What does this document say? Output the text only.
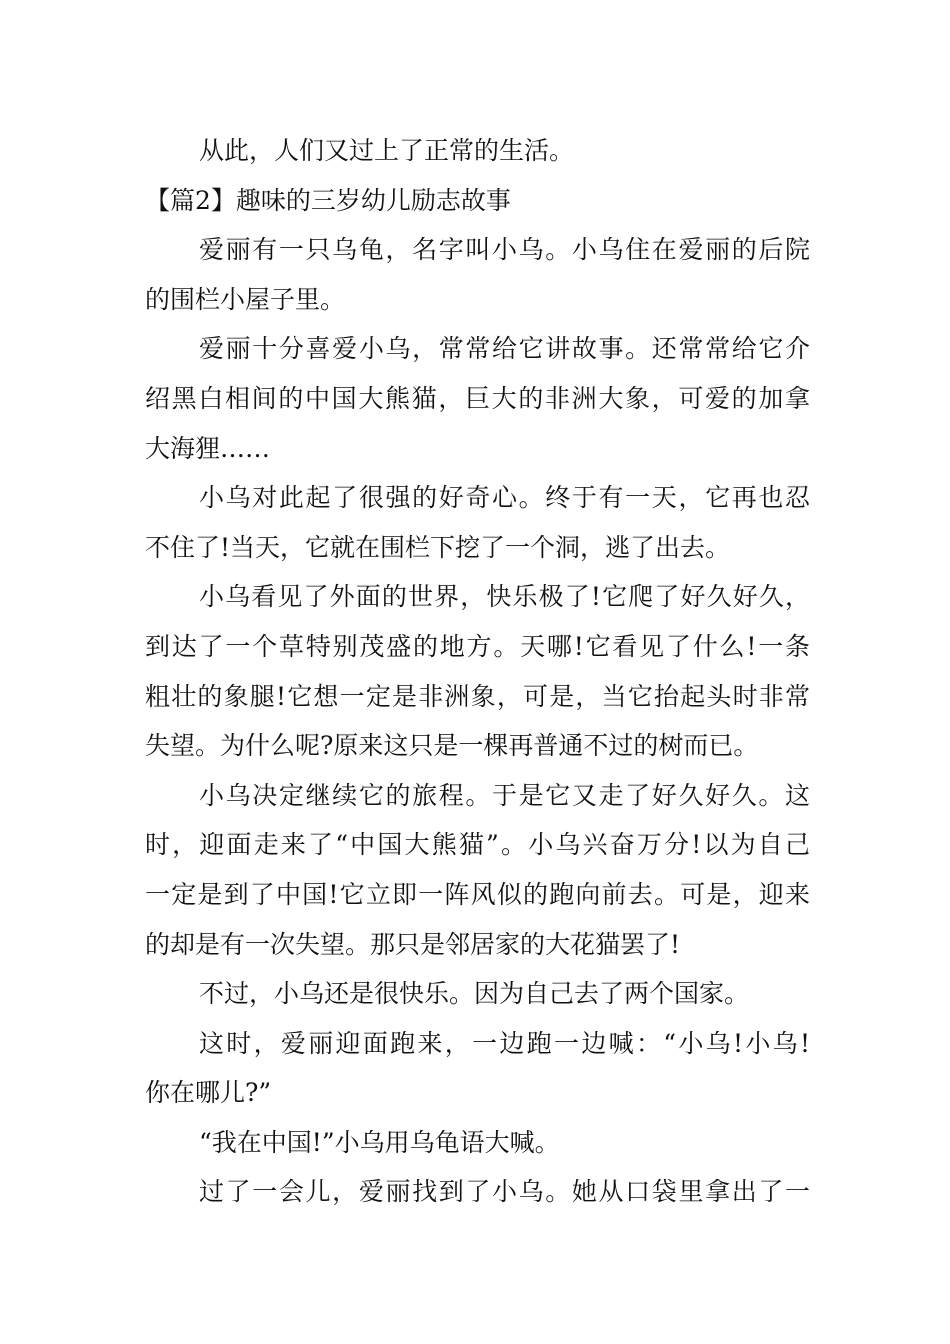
从此，人们又过上了正常的生活。
【篇2】趣味的三岁幼儿励志故事
爱丽有一只乌龟，名字叫小乌。小乌住在爱丽的后院
的围栏小屋子里。
爱丽十分喜爱小乌，常常给它讲故事。还常常给它介
绍黑白相间的中国大熊猫，巨大的非洲大象，可爱的加拿
大海狸……
小乌对此起了很强的好奇心。终于有一天，它再也忍
不住了!当天，它就在围栏下挖了一个洞，逃了出去。
小乌看见了外面的世界，快乐极了!它爬了好久好久，
到达了一个草特别茂盛的地方。天哪!它看见了什么!一条
粗壮的象腿!它想一定是非洲象，可是，当它抬起头时非常
失望。为什么呢?原来这只是一棵再普通不过的树而已。
小乌决定继续它的旅程。于是它又走了好久好久。这
时，迎面走来了“中国大熊猫”。小乌兴奋万分!以为自己
一定是到了中国!它立即一阵风似的跑向前去。可是，迎来
的却是有一次失望。那只是邻居家的大花猫罢了!
不过，小乌还是很快乐。因为自己去了两个国家。
这时，爱丽迎面跑来，一边跑一边喊：“小乌!小乌!
你在哪儿?”
“我在中国!”小乌用乌龟语大喊。
过了一会儿，爱丽找到了小乌。她从口袋里拿出了一
